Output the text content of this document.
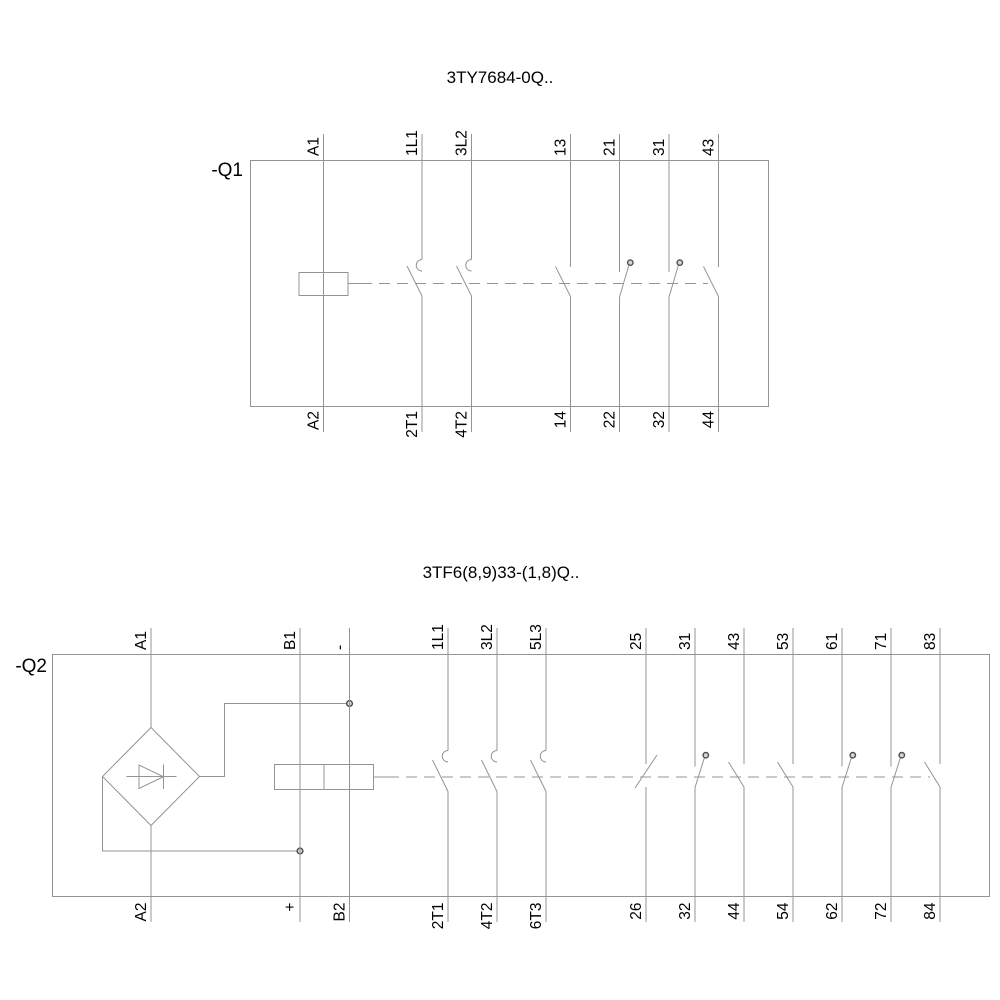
3TY7684-0Q..
-Q1
A1
A2
1L1
2T1
3L2
4T2
13
14
21
22
31
32
43
44
3TF6(8,9)33-(1,8)Q..
-Q2
A1
A2
B1
+
-
B2
1L1
2T1
3L2
4T2
5L3
6T3
25
26
31
32
43
44
53
54
61
62
71
72
83
84
